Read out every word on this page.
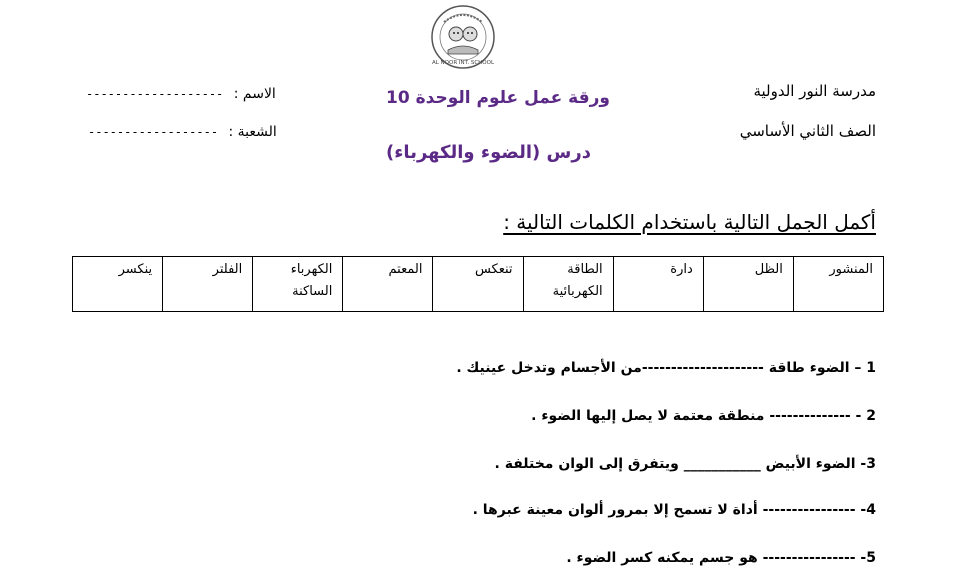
AL NOOR INT. SCHOOL
مدرسة النور الدولية
الصف الثاني الأساسي
ورقة عمل علوم الوحدة 10
درس (الضوء والكهرباء)
------------------- الاسم :
------------------ الشعبة :
أكمل الجمل التالية باستخدام الكلمات التالية :
المنشور
الظل
دارة
الطاقة
الكهربائية
تنعكس
المعتم
الكهرباء
الساكنة
الفلتر
ينكسر
1 – الضوء طاقة ---------------------من الأجسام وتدخل عينيك .
2 - -------------- منطقة معتمة لا يصل إليها الضوء .
3- الضوء الأبيض ___________ ويتفرق إلى الوان مختلفة .
4- ---------------- أداة لا تسمح إلا بمرور ألوان معينة عبرها .
5- ---------------- هو جسم يمكنه كسر الضوء .
